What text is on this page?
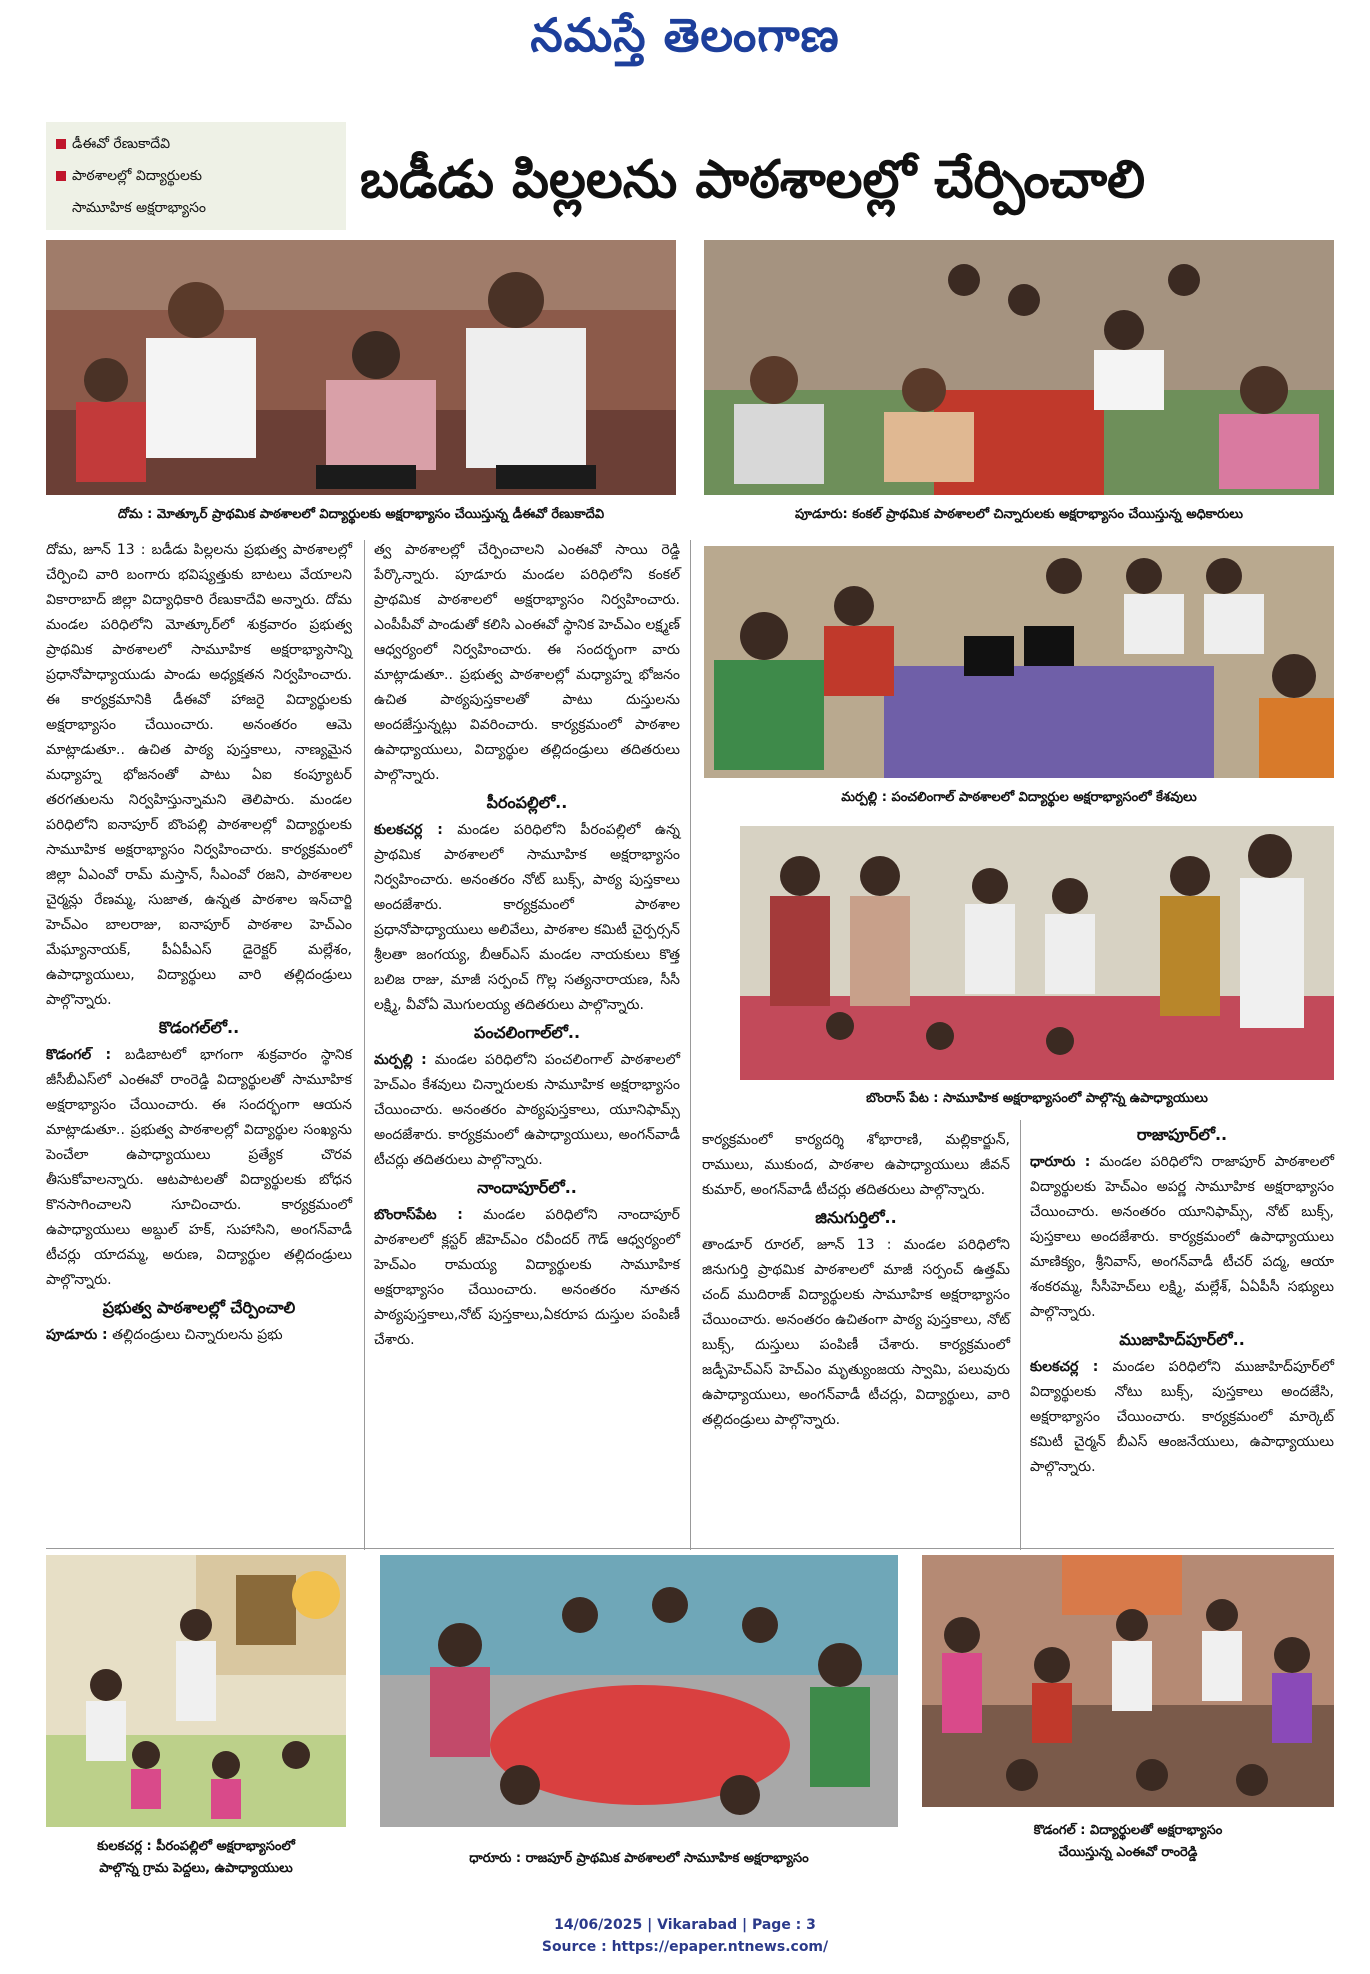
నమస్తే తెలంగాణ
డీఈవో రేణుకాదేవి
పాఠశాలల్లో విద్యార్థులకు
సామూహిక అక్షరాభ్యాసం	బడీడు పిల్లలను పాఠశాలల్లో చేర్పించాలి
దోమ : మోత్కూర్ ప్రాథమిక పాఠశాలలో విద్యార్థులకు అక్షరాభ్యాసం చేయిస్తున్న డీఈవో రేణుకాదేవి	పూడూరు: కంకల్ ప్రాథమిక పాఠశాలలో చిన్నారులకు అక్షరాభ్యాసం చేయిస్తున్న అధికారులు
మర్పల్లి : పంచలింగాల్ పాఠశాలలో విద్యార్థుల అక్షరాభ్యాసంలో కేశవులు
బొంరాస్ పేట : సామూహిక అక్షరాభ్యాసంలో పాల్గొన్న ఉపాధ్యాయులు

దోమ, జూన్ 13 : బడీడు పిల్లలను ప్రభుత్వ పాఠశాలల్లో చేర్పించి వారి బంగారు భవిష్యత్తుకు బాటలు వేయాలని వికారాబాద్ జిల్లా విద్యాధికారి రేణుకాదేవి అన్నారు. దోమ మండల పరిధిలోని మోత్కూర్‌లో శుక్రవారం ప్రభుత్వ ప్రాథమిక పాఠశాలలో సామూహిక అక్షరాభ్యాసాన్ని ప్రధానోపాధ్యాయుడు పాండు అధ్యక్షతన నిర్వహించారు. ఈ కార్యక్రమానికి డీఈవో హాజరై విద్యార్థులకు అక్షరాభ్యాసం చేయించారు. అనంతరం ఆమె మాట్లాడుతూ.. ఉచిత పాఠ్య పుస్తకాలు, నాణ్యమైన మధ్యాహ్న భోజనంతో పాటు ఏఐ కంప్యూటర్ తరగతులను నిర్వహిస్తున్నామని తెలిపారు. మండల పరిధిలోని ఐనాపూర్ బొంపల్లి పాఠశాలల్లో విద్యార్థులకు సామూహిక అక్షరాభ్యాసం నిర్వహించారు. కార్యక్రమంలో జిల్లా ఏఎంవో రామ్ మస్తాన్, సీఎంవో రజని, పాఠశాలల చైర్మన్లు రేణమ్మ, సుజాత, ఉన్నత పాఠశాల ఇన్‌చార్జి హెచ్‌ఎం బాలరాజు, ఐనాపూర్ పాఠశాల హెచ్‌ఎం మేఘ్యానాయక్, పీఏపీఎస్ డైరెక్టర్ మల్లేశం, ఉపాధ్యాయులు, విద్యార్థులు వారి తల్లిదండ్రులు పాల్గొన్నారు.

కొడంగల్‌లో..

కొడంగల్ : బడిబాటలో భాగంగా శుక్రవారం స్థానిక జీసీబీఎస్‌లో ఎంఈవో రాంరెడ్డి విద్యార్థులతో సామూహిక అక్షరాభ్యాసం చేయించారు. ఈ సందర్భంగా ఆయన మాట్లాడుతూ.. ప్రభుత్వ పాఠశాలల్లో విద్యార్థుల సంఖ్యను పెంచేలా ఉపాధ్యాయులు ప్రత్యేక చొరవ తీసుకోవాలన్నారు. ఆటపాటలతో విద్యార్థులకు బోధన కొనసాగించాలని సూచించారు. కార్యక్రమంలో ఉపాధ్యాయులు అబ్దుల్ హక్, సుహాసిని, అంగన్‌వాడీ టీచర్లు యాదమ్మ, అరుణ, విద్యార్థుల తల్లిదండ్రులు పాల్గొన్నారు.

ప్రభుత్వ పాఠశాలల్లో చేర్పించాలి

పూడూరు : తల్లిదండ్రులు చిన్నారులను ప్రభు

త్వ పాఠశాలల్లో చేర్పించాలని ఎంఈవో సాయి రెడ్డి పేర్కొన్నారు. పూడూరు మండల పరిధిలోని కంకల్ ప్రాథమిక పాఠశాలలో అక్షరాభ్యాసం నిర్వహించారు. ఎంపీపీవో పాండుతో కలిసి ఎంఈవో స్థానిక హెచ్‌ఎం లక్ష్మణ్ ఆధ్వర్యంలో నిర్వహించారు. ఈ సందర్భంగా వారు మాట్లాడుతూ.. ప్రభుత్వ పాఠశాలల్లో మధ్యాహ్న భోజనం ఉచిత పాఠ్యపుస్తకాలతో పాటు దుస్తులను అందజేస్తున్నట్లు వివరించారు. కార్యక్రమంలో పాఠశాల ఉపాధ్యాయులు, విద్యార్థుల తల్లిదండ్రులు తదితరులు పాల్గొన్నారు.

పీరంపల్లిలో..

కులకచర్ల : మండల పరిధిలోని పీరంపల్లిలో ఉన్న ప్రాథమిక పాఠశాలలో సామూహిక అక్షరాభ్యాసం నిర్వహించారు. అనంతరం నోట్ బుక్స్, పాఠ్య పుస్తకాలు అందజేశారు. కార్యక్రమంలో పాఠశాల ప్రధానోపాధ్యాయులు అలివేలు, పాఠశాల కమిటీ చైర్పర్సన్ శ్రీలతా జంగయ్య, బీఆర్‌ఎస్ మండల నాయకులు కొత్త బలిజ రాజు, మాజీ సర్పంచ్ గొల్ల సత్యనారాయణ, సీసీ లక్ష్మి, వీవోఏ మొగులయ్య తదితరులు పాల్గొన్నారు.

పంచలింగాల్‌లో..

మర్పల్లి : మండల పరిధిలోని పంచలింగాల్ పాఠశాలలో హెచ్‌ఎం కేశవులు చిన్నారులకు సామూహిక అక్షరాభ్యాసం చేయించారు. అనంతరం పాఠ్యపుస్తకాలు, యూనిఫామ్స్ అందజేశారు. కార్యక్రమంలో ఉపాధ్యాయులు, అంగన్‌వాడీ టీచర్లు తదితరులు పాల్గొన్నారు.

నాందాపూర్‌లో..

బొంరాస్‌పేట : మండల పరిధిలోని నాందాపూర్ పాఠశాలలో క్లస్టర్ జీహెచ్‌ఎం రవీందర్ గౌడ్ ఆధ్వర్యంలో హెచ్‌ఎం రామయ్య విద్యార్థులకు సామూహిక అక్షరాభ్యాసం చేయించారు. అనంతరం నూతన పాఠ్యపుస్తకాలు,నోట్ పుస్తకాలు,ఏకరూప దుస్తుల పంపిణీ చేశారు.

కార్యక్రమంలో కార్యదర్శి శోభారాణి, మల్లికార్జున్, రాములు, ముకుంద, పాఠశాల ఉపాధ్యాయులు జీవన్ కుమార్, అంగన్‌వాడీ టీచర్లు తదితరులు పాల్గొన్నారు.

జినుగుర్తిలో..

తాండూర్ రూరల్, జూన్ 13 : మండల పరిధిలోని జినుగుర్తి ప్రాథమిక పాఠశాలలో మాజీ సర్పంచ్ ఉత్తమ్ చంద్ ముదిరాజ్ విద్యార్థులకు సామూహిక అక్షరాభ్యాసం చేయించారు. అనంతరం ఉచితంగా పాఠ్య పుస్తకాలు, నోట్ బుక్స్, దుస్తులు పంపిణీ చేశారు. కార్యక్రమంలో జడ్పీహెచ్‌ఎస్ హెచ్‌ఎం మృత్యుంజయ స్వామి, పలువురు ఉపాధ్యాయులు, అంగన్‌వాడీ టీచర్లు, విద్యార్థులు, వారి తల్లిదండ్రులు పాల్గొన్నారు.

రాజాపూర్‌లో..

ధారూరు : మండల పరిధిలోని రాజాపూర్ పాఠశాలలో విద్యార్థులకు హెచ్‌ఎం అపర్ణ సామూహిక అక్షరాభ్యాసం చేయించారు. అనంతరం యూనిఫామ్స్, నోట్ బుక్స్, పుస్తకాలు అందజేశారు. కార్యక్రమంలో ఉపాధ్యాయులు మాణిక్యం, శ్రీనివాస్, అంగన్‌వాడీ టీచర్ పద్మ, ఆయా శంకరమ్మ, సీసీహెచ్‌లు లక్ష్మి, మల్లేశ్, ఏఏపీసీ సభ్యులు పాల్గొన్నారు.

ముజాహిద్‌పూర్‌లో..

కులకచర్ల : మండల పరిధిలోని ముజాహిద్‌పూర్‌లో విద్యార్థులకు నోటు బుక్స్, పుస్తకాలు అందజేసి, అక్షరాభ్యాసం చేయించారు. కార్యక్రమంలో మార్కెట్ కమిటీ చైర్మన్ బీఎస్ ఆంజనేయులు, ఉపాధ్యాయులు పాల్గొన్నారు.

కులకచర్ల : పీరంపల్లిలో అక్షరాభ్యాసంలో
పాల్గొన్న గ్రామ పెద్దలు, ఉపాధ్యాయులు
ధారూరు : రాజపూర్ ప్రాథమిక పాఠశాలలో సామూహిక అక్షరాభ్యాసం
కొడంగల్ : విద్యార్థులతో అక్షరాభ్యాసం
చేయిస్తున్న ఎంఈవో రాంరెడ్డి
14/06/2025 | Vikarabad | Page : 3
Source : https://epaper.ntnews.com/
